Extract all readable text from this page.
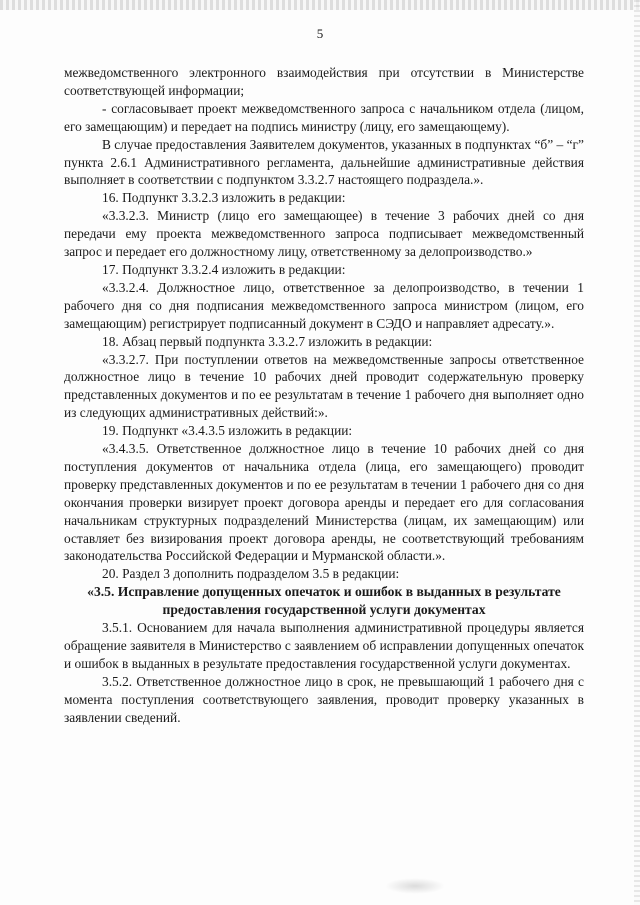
5

межведомственного электронного взаимодействия при отсутствии в Министерстве соответствующей информации;

- согласовывает проект межведомственного запроса с начальником отдела (лицом, его замещающим) и передает на подпись министру (лицу, его замещающему).

В случае предоставления Заявителем документов, указанных в подпунктах “б” – “г” пункта 2.6.1 Административного регламента, дальнейшие административные действия выполняет в соответствии с подпунктом 3.3.2.7 настоящего подраздела.».

16. Подпункт 3.3.2.3 изложить в редакции:

«3.3.2.3. Министр (лицо его замещающее) в течение 3 рабочих дней со дня передачи ему проекта межведомственного запроса подписывает межведомственный запрос и передает его должностному лицу, ответственному за делопроизводство.»

17. Подпункт 3.3.2.4 изложить в редакции:

«3.3.2.4. Должностное лицо, ответственное за делопроизводство, в течении 1 рабочего дня со дня подписания межведомственного запроса министром (лицом, его замещающим) регистрирует подписанный документ в СЭДО и направляет адресату.».

18. Абзац первый подпункта 3.3.2.7 изложить в редакции:

«3.3.2.7. При поступлении ответов на межведомственные запросы ответственное должностное лицо в течение 10 рабочих дней проводит содержательную проверку представленных документов и по ее результатам в течение 1 рабочего дня выполняет одно из следующих административных действий:».

19. Подпункт «3.4.3.5 изложить в редакции:

«3.4.3.5. Ответственное должностное лицо в течение 10 рабочих дней со дня поступления документов от начальника отдела (лица, его замещающего) проводит проверку представленных документов и по ее результатам в течении 1 рабочего дня со дня окончания проверки визирует проект договора аренды и передает его для согласования начальникам структурных подразделений Министерства (лицам, их замещающим) или оставляет без визирования проект договора аренды, не соответствующий требованиям законодательства Российской Федерации и Мурманской области.».

20. Раздел 3 дополнить подразделом 3.5 в редакции:

«3.5. Исправление допущенных опечаток и ошибок в выданных в результате предоставления государственной услуги документах

3.5.1. Основанием для начала выполнения административной процедуры является обращение заявителя в Министерство с заявлением об исправлении допущенных опечаток и ошибок в выданных в результате предоставления государственной услуги документах.

3.5.2. Ответственное должностное лицо в срок, не превышающий 1 рабочего дня с момента поступления соответствующего заявления, проводит проверку указанных в заявлении сведений.
